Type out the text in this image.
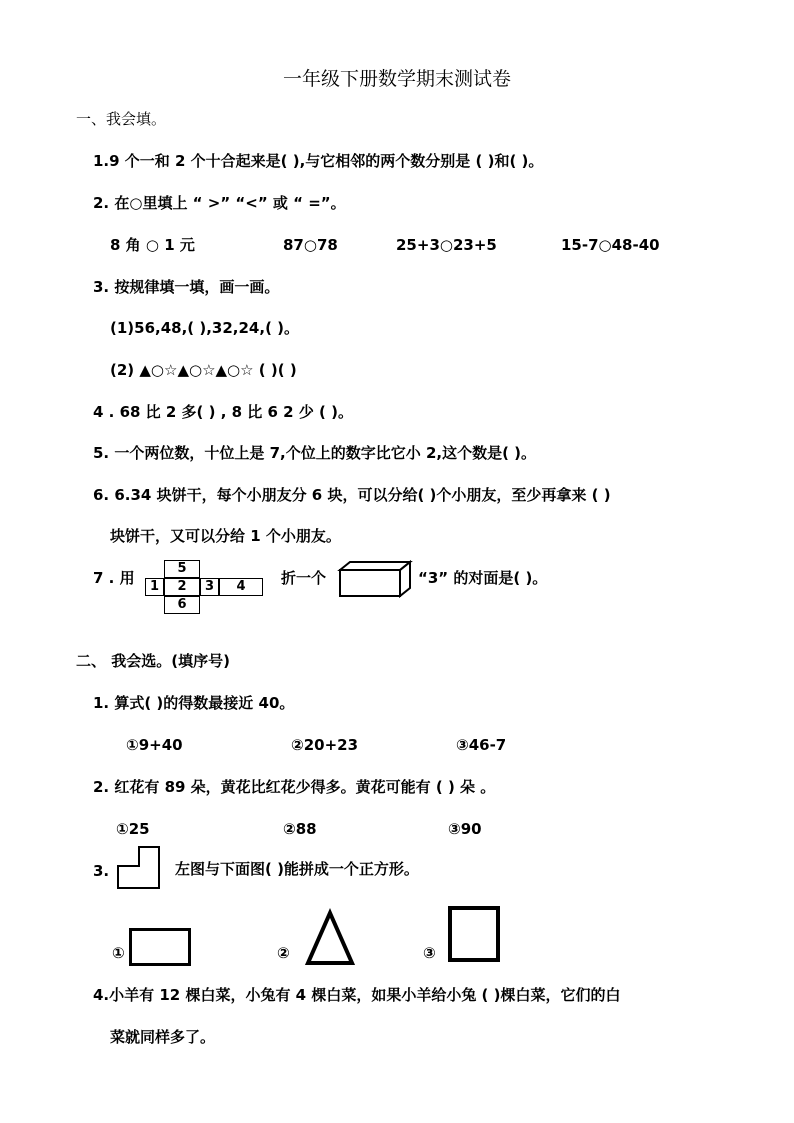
一年级下册数学期末测试卷
一、我会填。
1.9 个一和 2 个十合起来是( ),与它相邻的两个数分别是 ( )和( )。
2. 在○里填上 “ >” “<” 或 “ =”。
8 角 ○ 1 元	87○78	25+3○23+5	15-7○48-40
3. 按规律填一填，画一画。
(1)56,48,( ),32,24,( )。
(2) ▲○☆▲○☆▲○☆ ( )( )
4 . 68 比 2 多( ) , 8 比 6 2 少 ( )。
5. 一个两位数，十位上是 7,个位上的数字比它小 2,这个数是( )。
6. 6.34 块饼干，每个小朋友分 6 块，可以分给( )个小朋友，至少再拿来 ( )
块饼干，又可以分给 1 个小朋友。
7 . 用
5
1	2	3	4
6
折一个	“3” 的对面是( )。
二、 我会选。(填序号)
1. 算式( )的得数最接近 40。
①9+40	②20+23	③46-7
2. 红花有 89 朵，黄花比红花少得多。黄花可能有 ( ) 朵 。
①25	②88	③90
3.	左图与下面图( )能拼成一个正方形。
①	②	③
4.小羊有 12 棵白菜，小兔有 4 棵白菜，如果小羊给小兔 ( )棵白菜，它们的白
菜就同样多了。
